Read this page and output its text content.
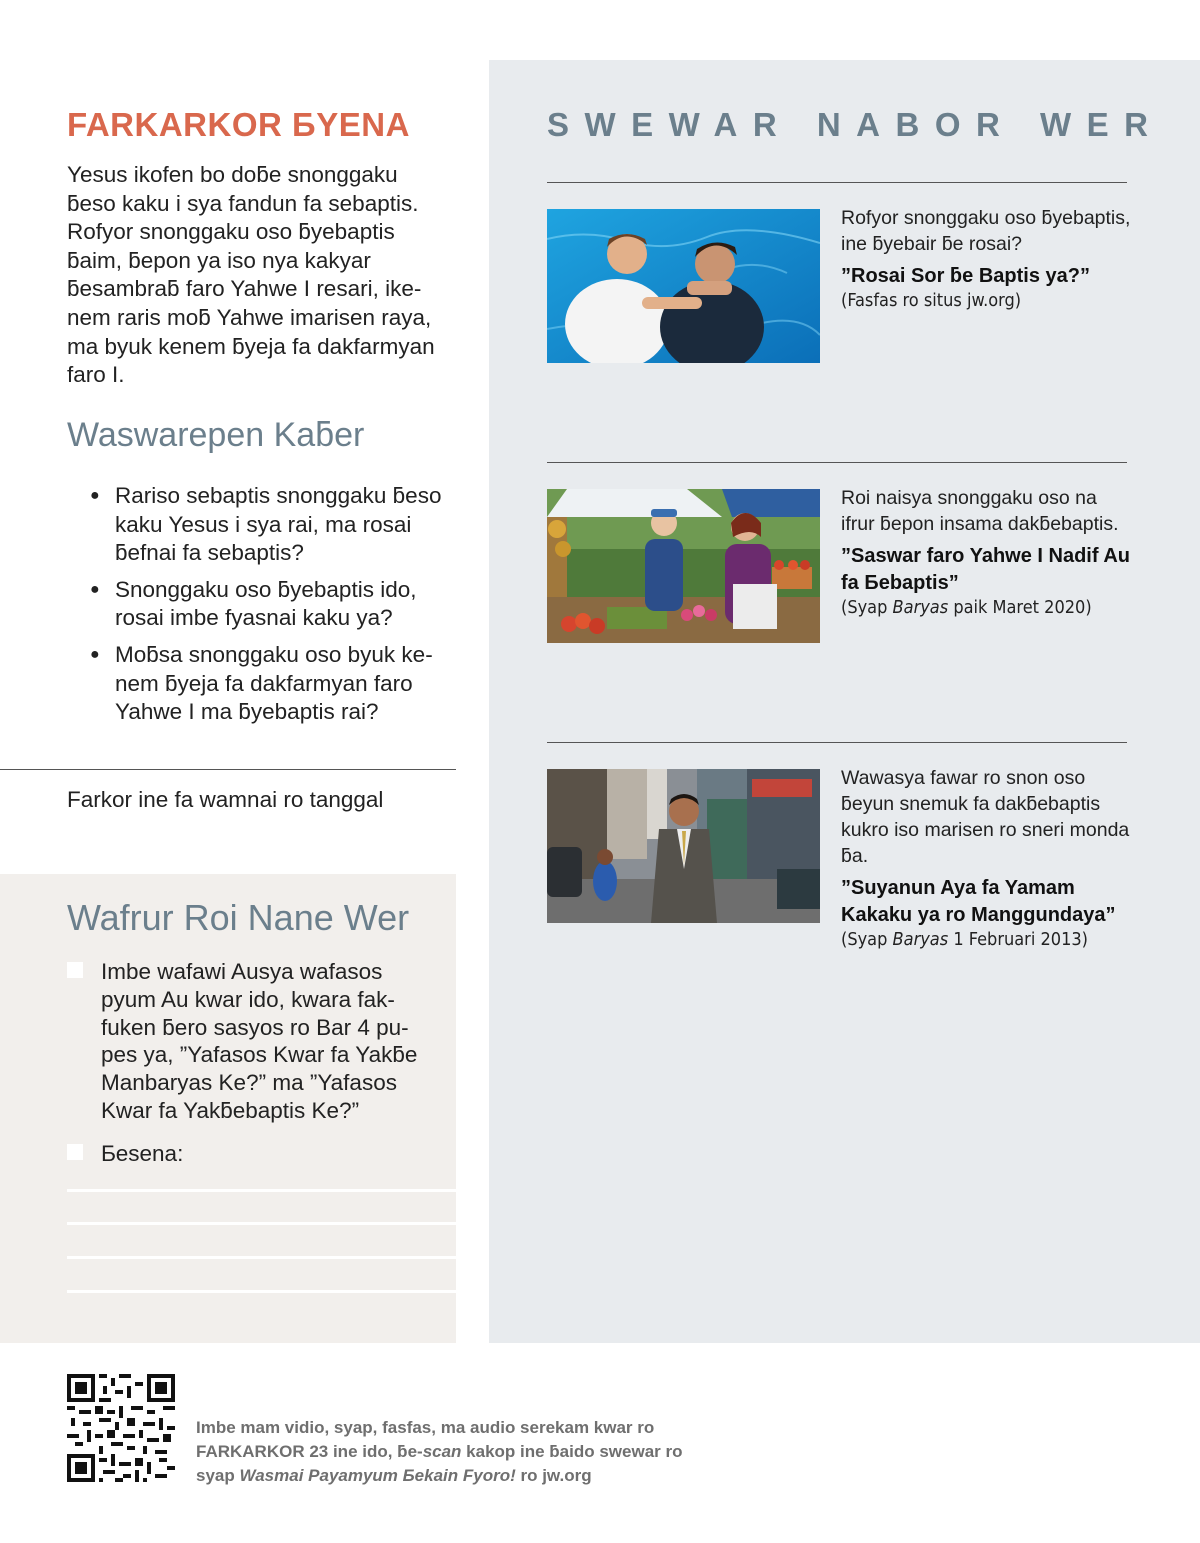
FARKARKOR ƂYENA

Yesus ikofen bo doƃe snonggaku ƃeso kaku i sya fandun fa sebaptis. Rofyor snonggaku oso ƃyebaptis ƃaim, ƃepon ya iso nya kakyar ƃesambraƃ faro Yahwe I resari, ikenem raris moƃ Yahwe imarisen raya, ma byuk kenem ƃyeja fa dakfarmyan faro I.

Waswarepen Kaƃer
● Rariso sebaptis snonggaku ƃeso kaku Yesus i sya rai, ma rosai ƃefnai fa sebaptis?
● Snonggaku oso ƃyebaptis ido, rosai imbe fyasnai kaku ya?
● Moƃsa snonggaku oso byuk kenem ƃyeja fa dakfarmyan faro Yahwe I ma ƃyebaptis rai?
Farkor ine fa wamnai ro tanggal
Wafrur Roi Nane Wer
Imbe wafawi Ausya wafasos pyum Au kwar ido, kwara fakfuken ƃero sasyos ro Bar 4 pupes ya, ”Yafasos Kwar fa Yakƃe Manbaryas Ke?” ma ”Yafasos Kwar fa Yakƃebaptis Ke?”
Ƃesena:
SWEWAR NABOR WER
Rofyor snonggaku oso ƃyebaptis, ine ƃyebair ƃe rosai?
”Rosai Sor ƃe Baptis ya?”
(Fasfas ro situs jw.org)
Roi naisya snonggaku oso na ifrur ƃepon insama dakƃebaptis.
”Saswar faro Yahwe I Nadif Au fa Ƃebaptis”
(Syap Baryas paik Maret 2020)
Wawasya fawar ro snon oso ƃeyun snemuk fa dakƃebaptis kukro iso marisen ro sneri monda ƃa.
”Suyanun Aya fa Yamam Kakaku ya ro Manggundaya”
(Syap Baryas 1 Februari 2013)
Imbe mam vidio, syap, fasfas, ma audio serekam kwar ro FARKARKOR 23 ine ido, ƃe-scan kakop ine ƃaido swewar ro syap Wasmai Payamyum Ƃekain Fyoro! ro jw.org
